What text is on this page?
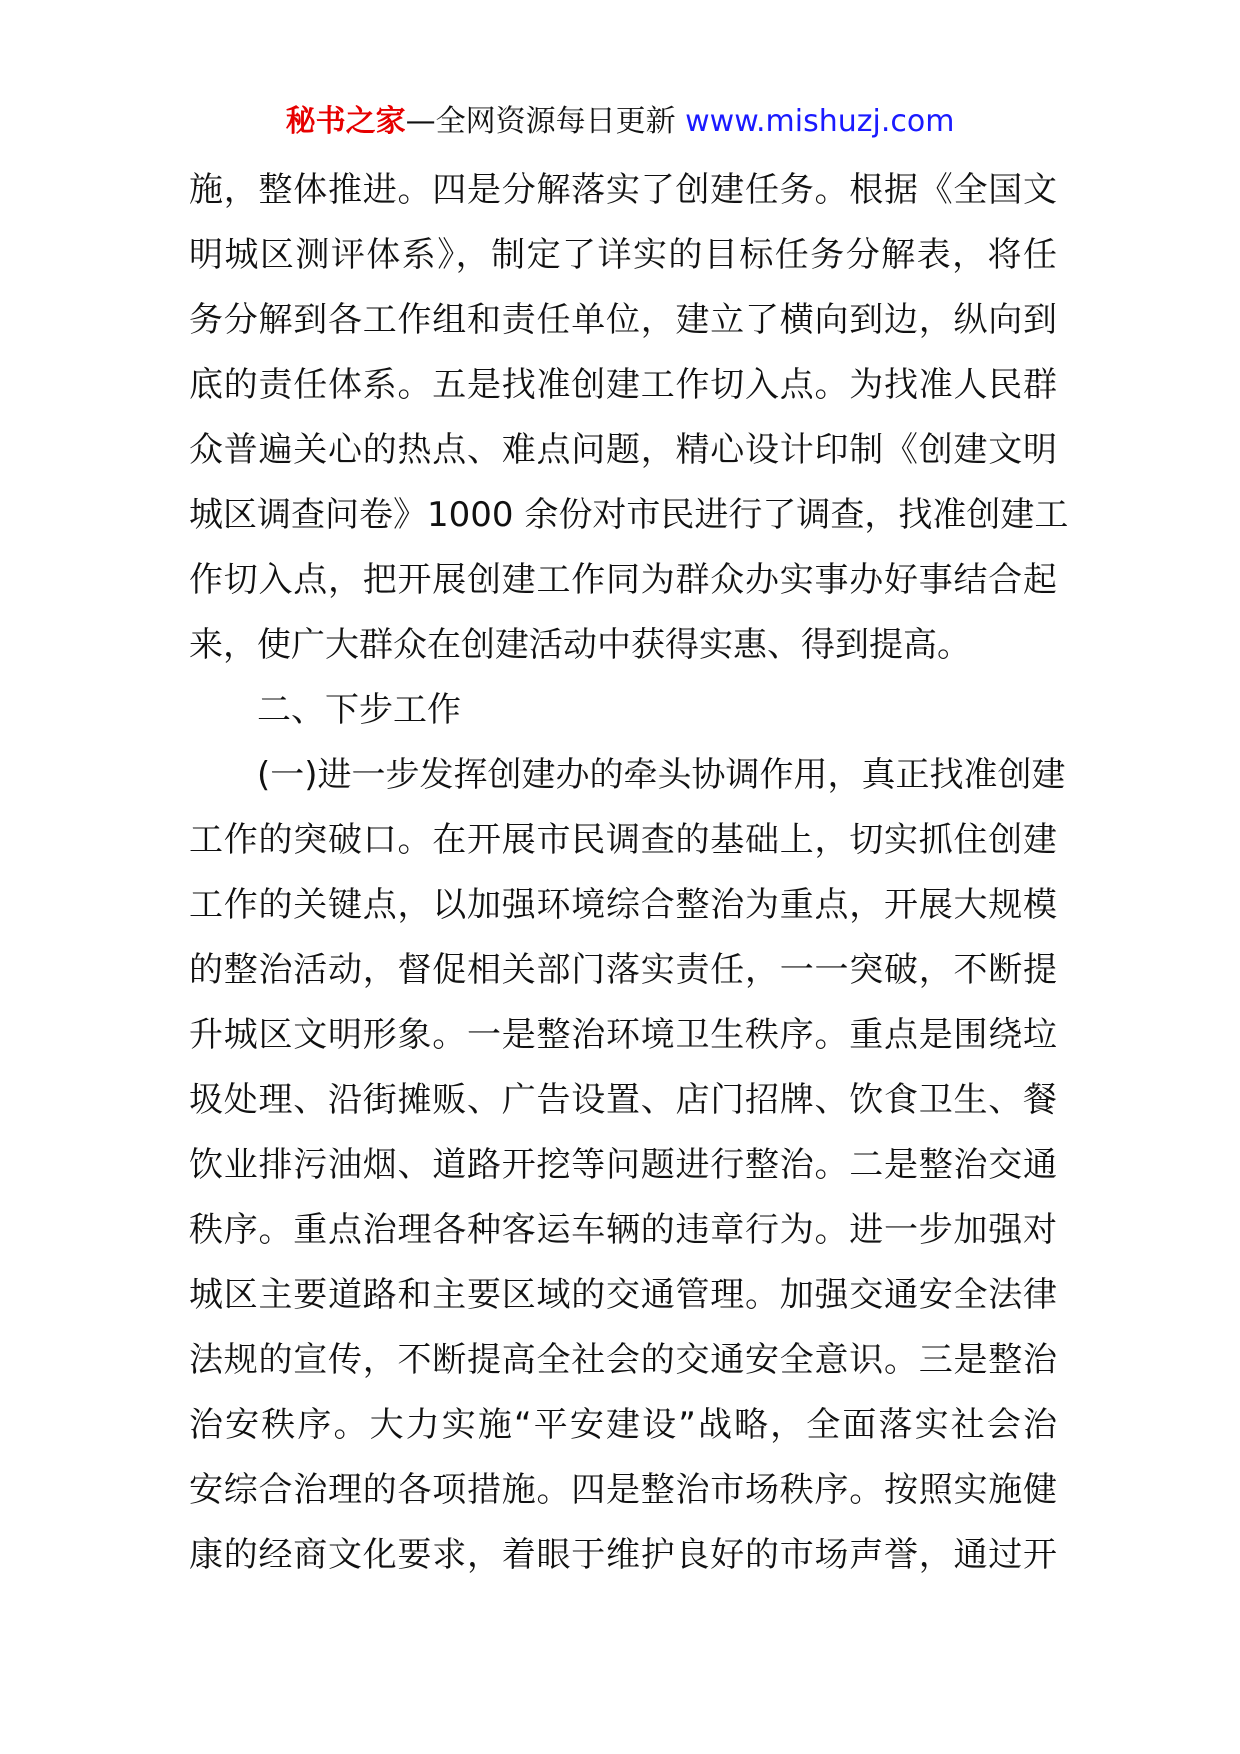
秘书之家—全网资源每日更新 www.mishuzj.com
施，整体推进。四是分解落实了创建任务。根据《全国文
明城区测评体系》，制定了详实的目标任务分解表，将任
务分解到各工作组和责任单位，建立了横向到边，纵向到
底的责任体系。五是找准创建工作切入点。为找准人民群
众普遍关心的热点、难点问题，精心设计印制《创建文明
城区调查问卷》1000 余份对市民进行了调查，找准创建工
作切入点，把开展创建工作同为群众办实事办好事结合起
来，使广大群众在创建活动中获得实惠、得到提高。
二、下步工作
(一)进一步发挥创建办的牵头协调作用，真正找准创建
工作的突破口。在开展市民调查的基础上，切实抓住创建
工作的关键点，以加强环境综合整治为重点，开展大规模
的整治活动，督促相关部门落实责任，一一突破，不断提
升城区文明形象。一是整治环境卫生秩序。重点是围绕垃
圾处理、沿街摊贩、广告设置、店门招牌、饮食卫生、餐
饮业排污油烟、道路开挖等问题进行整治。二是整治交通
秩序。重点治理各种客运车辆的违章行为。进一步加强对
城区主要道路和主要区域的交通管理。加强交通安全法律
法规的宣传，不断提高全社会的交通安全意识。三是整治
治安秩序。大力实施“平安建设”战略，全面落实社会治
安综合治理的各项措施。四是整治市场秩序。按照实施健
康的经商文化要求，着眼于维护良好的市场声誉，通过开
